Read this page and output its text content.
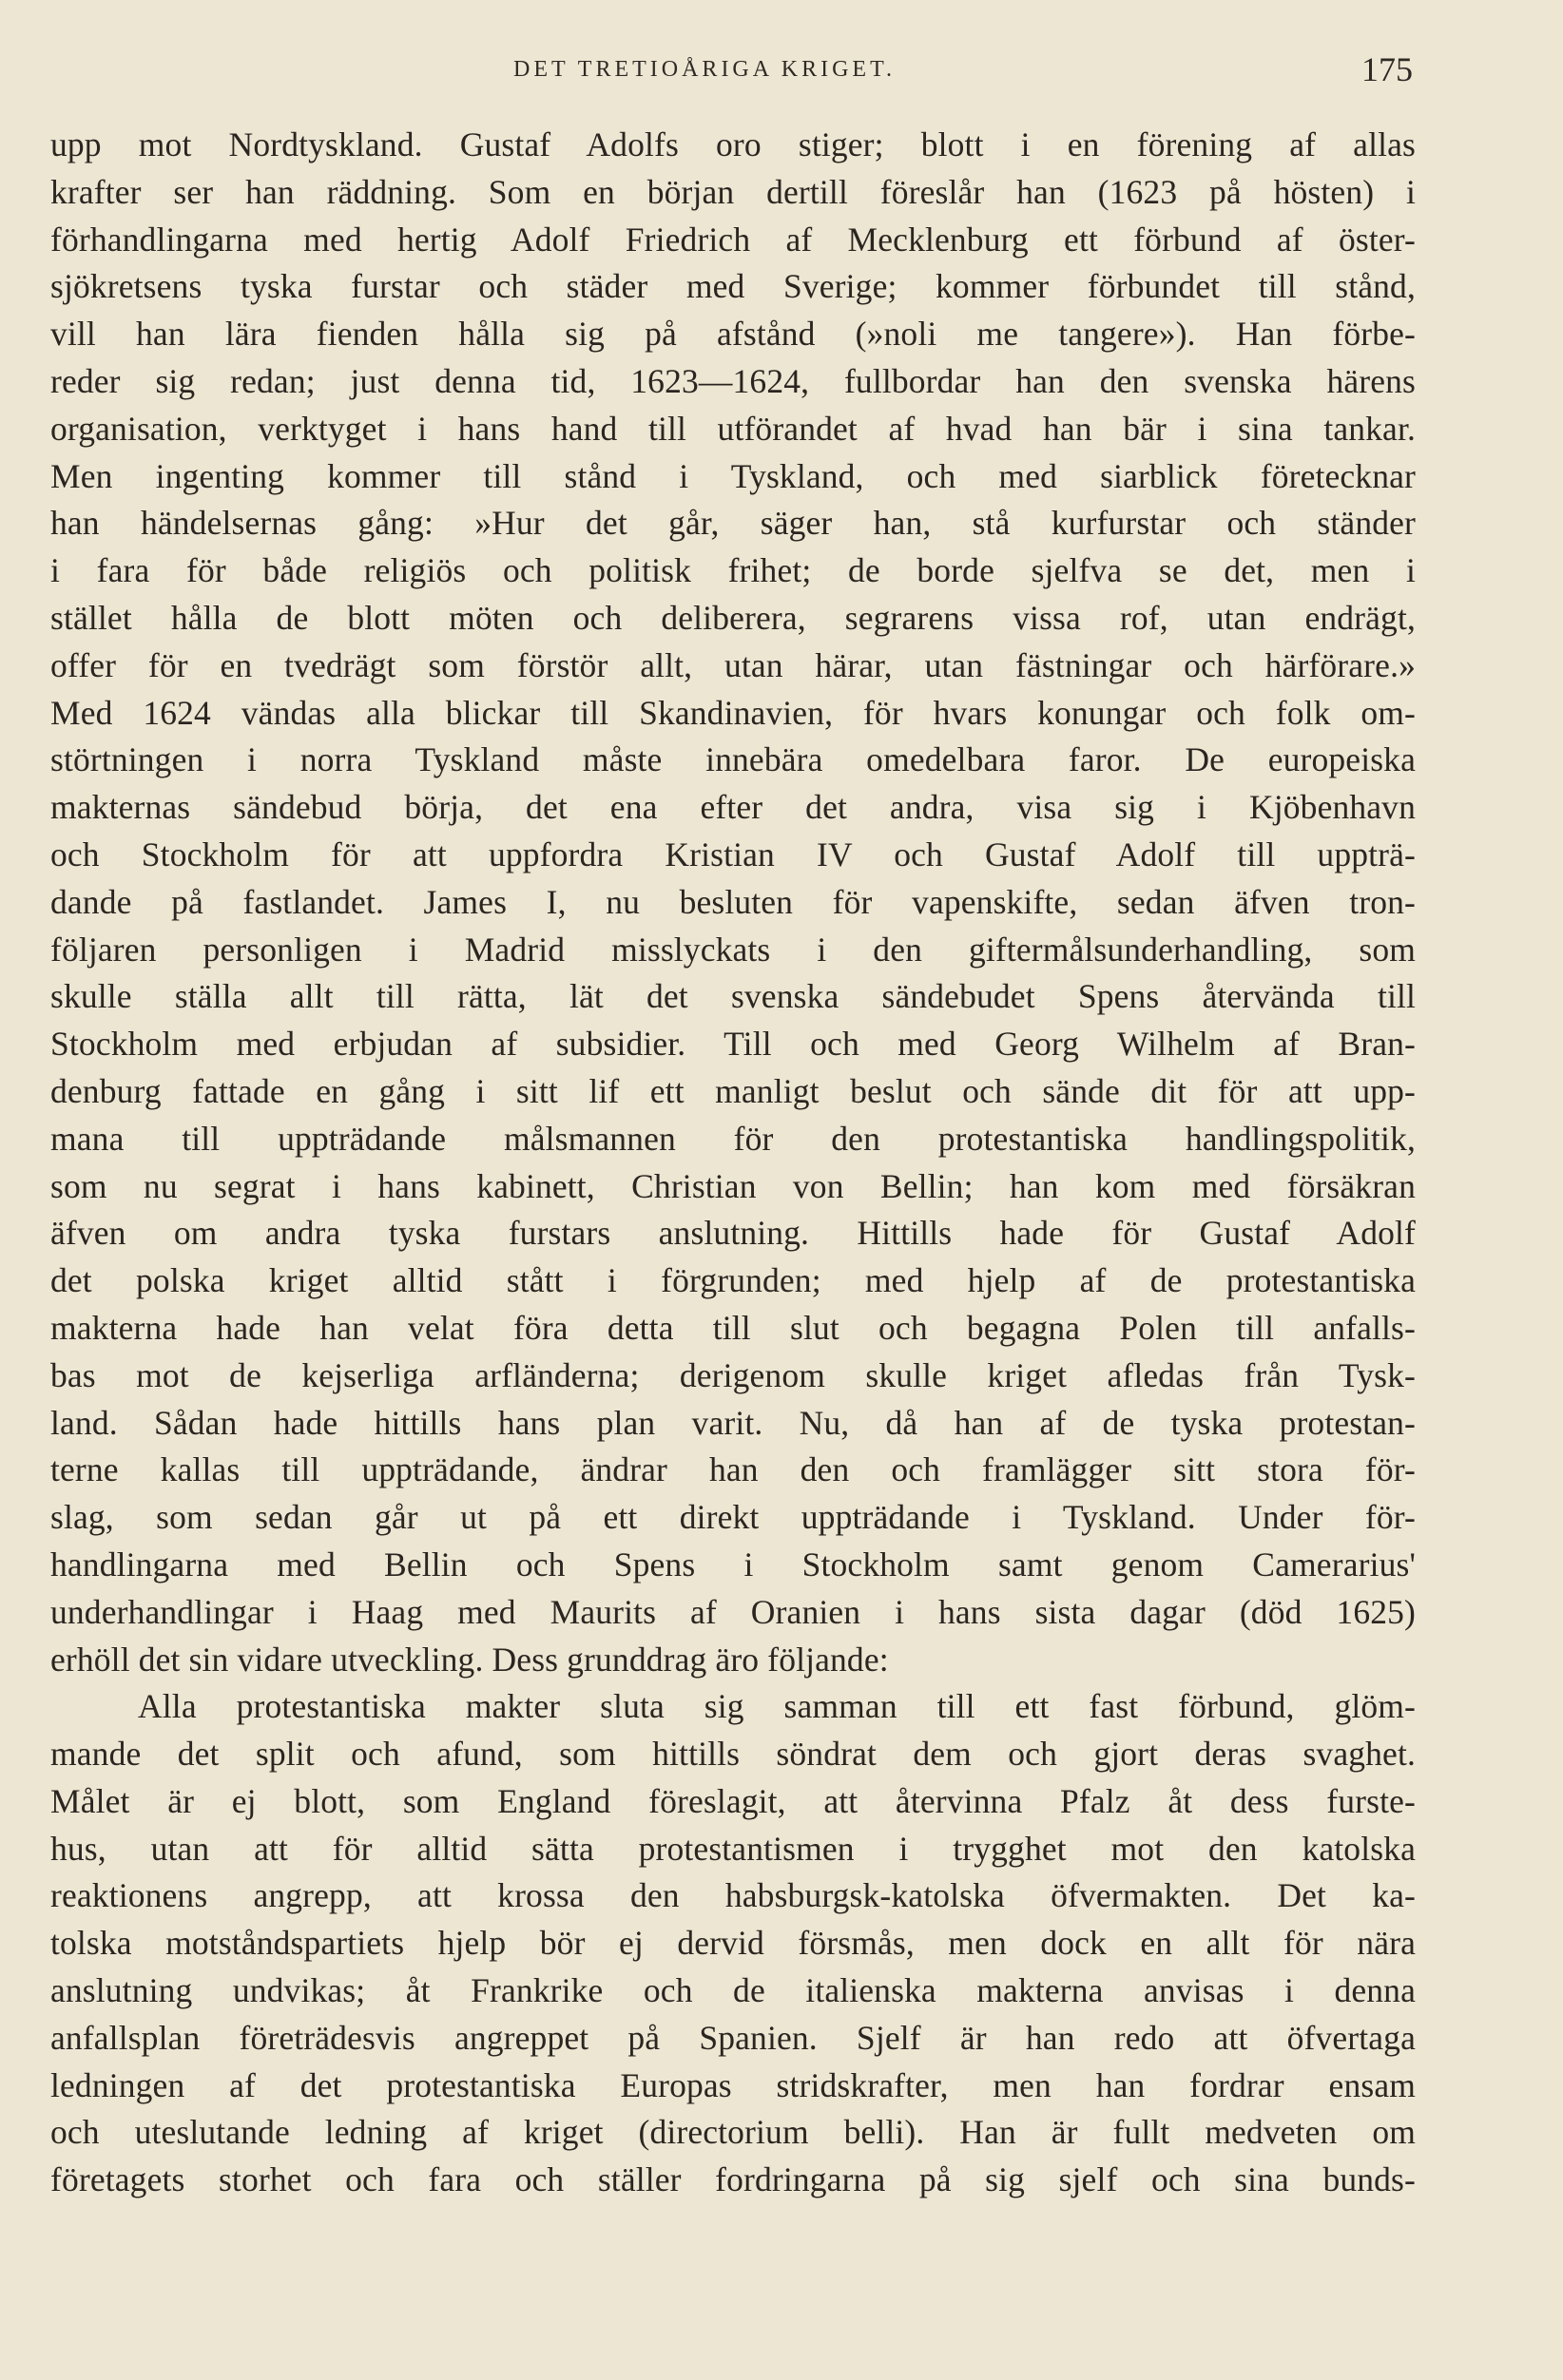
DET TRETIOÅRIGA KRIGET.	175
upp mot Nordtyskland. Gustaf Adolfs oro stiger; blott i en förening af allas
krafter ser han räddning. Som en början dertill föreslår han (1623 på hösten) i
förhandlingarna med hertig Adolf Friedrich af Mecklenburg ett förbund af öster-
sjökretsens tyska furstar och städer med Sverige; kommer förbundet till stånd,
vill han lära fienden hålla sig på afstånd (»noli me tangere»). Han förbe-
reder sig redan; just denna tid, 1623—1624, fullbordar han den svenska härens
organisation, verktyget i hans hand till utförandet af hvad han bär i sina tankar.
Men ingenting kommer till stånd i Tyskland, och med siarblick företecknar
han händelsernas gång: »Hur det går, säger han, stå kurfurstar och ständer
i fara för både religiös och politisk frihet; de borde sjelfva se det, men i
stället hålla de blott möten och deliberera, segrarens vissa rof, utan endrägt,
offer för en tvedrägt som förstör allt, utan härar, utan fästningar och härförare.»
Med 1624 vändas alla blickar till Skandinavien, för hvars konungar och folk om-
störtningen i norra Tyskland måste innebära omedelbara faror. De europeiska
makternas sändebud börja, det ena efter det andra, visa sig i Kjöbenhavn
och Stockholm för att uppfordra Kristian IV och Gustaf Adolf till uppträ-
dande på fastlandet. James I, nu besluten för vapenskifte, sedan äfven tron-
följaren personligen i Madrid misslyckats i den giftermålsunderhandling, som
skulle ställa allt till rätta, lät det svenska sändebudet Spens återvända till
Stockholm med erbjudan af subsidier. Till och med Georg Wilhelm af Bran-
denburg fattade en gång i sitt lif ett manligt beslut och sände dit för att upp-
mana till uppträdande målsmannen för den protestantiska handlingspolitik,
som nu segrat i hans kabinett, Christian von Bellin; han kom med försäkran
äfven om andra tyska furstars anslutning. Hittills hade för Gustaf Adolf
det polska kriget alltid stått i förgrunden; med hjelp af de protestantiska
makterna hade han velat föra detta till slut och begagna Polen till anfalls-
bas mot de kejserliga arfländerna; derigenom skulle kriget afledas från Tysk-
land. Sådan hade hittills hans plan varit. Nu, då han af de tyska protestan-
terne kallas till uppträdande, ändrar han den och framlägger sitt stora för-
slag, som sedan går ut på ett direkt uppträdande i Tyskland. Under för-
handlingarna med Bellin och Spens i Stockholm samt genom Camerarius'
underhandlingar i Haag med Maurits af Oranien i hans sista dagar (död 1625)
erhöll det sin vidare utveckling. Dess grunddrag äro följande:
Alla protestantiska makter sluta sig samman till ett fast förbund, glöm-
mande det split och afund, som hittills söndrat dem och gjort deras svaghet.
Målet är ej blott, som England föreslagit, att återvinna Pfalz åt dess furste-
hus, utan att för alltid sätta protestantismen i trygghet mot den katolska
reaktionens angrepp, att krossa den habsburgsk-katolska öfvermakten. Det ka-
tolska motståndspartiets hjelp bör ej dervid försmås, men dock en allt för nära
anslutning undvikas; åt Frankrike och de italienska makterna anvisas i denna
anfallsplan företrädesvis angreppet på Spanien. Sjelf är han redo att öfvertaga
ledningen af det protestantiska Europas stridskrafter, men han fordrar ensam
och uteslutande ledning af kriget (directorium belli). Han är fullt medveten om
företagets storhet och fara och ställer fordringarna på sig sjelf och sina bunds-
